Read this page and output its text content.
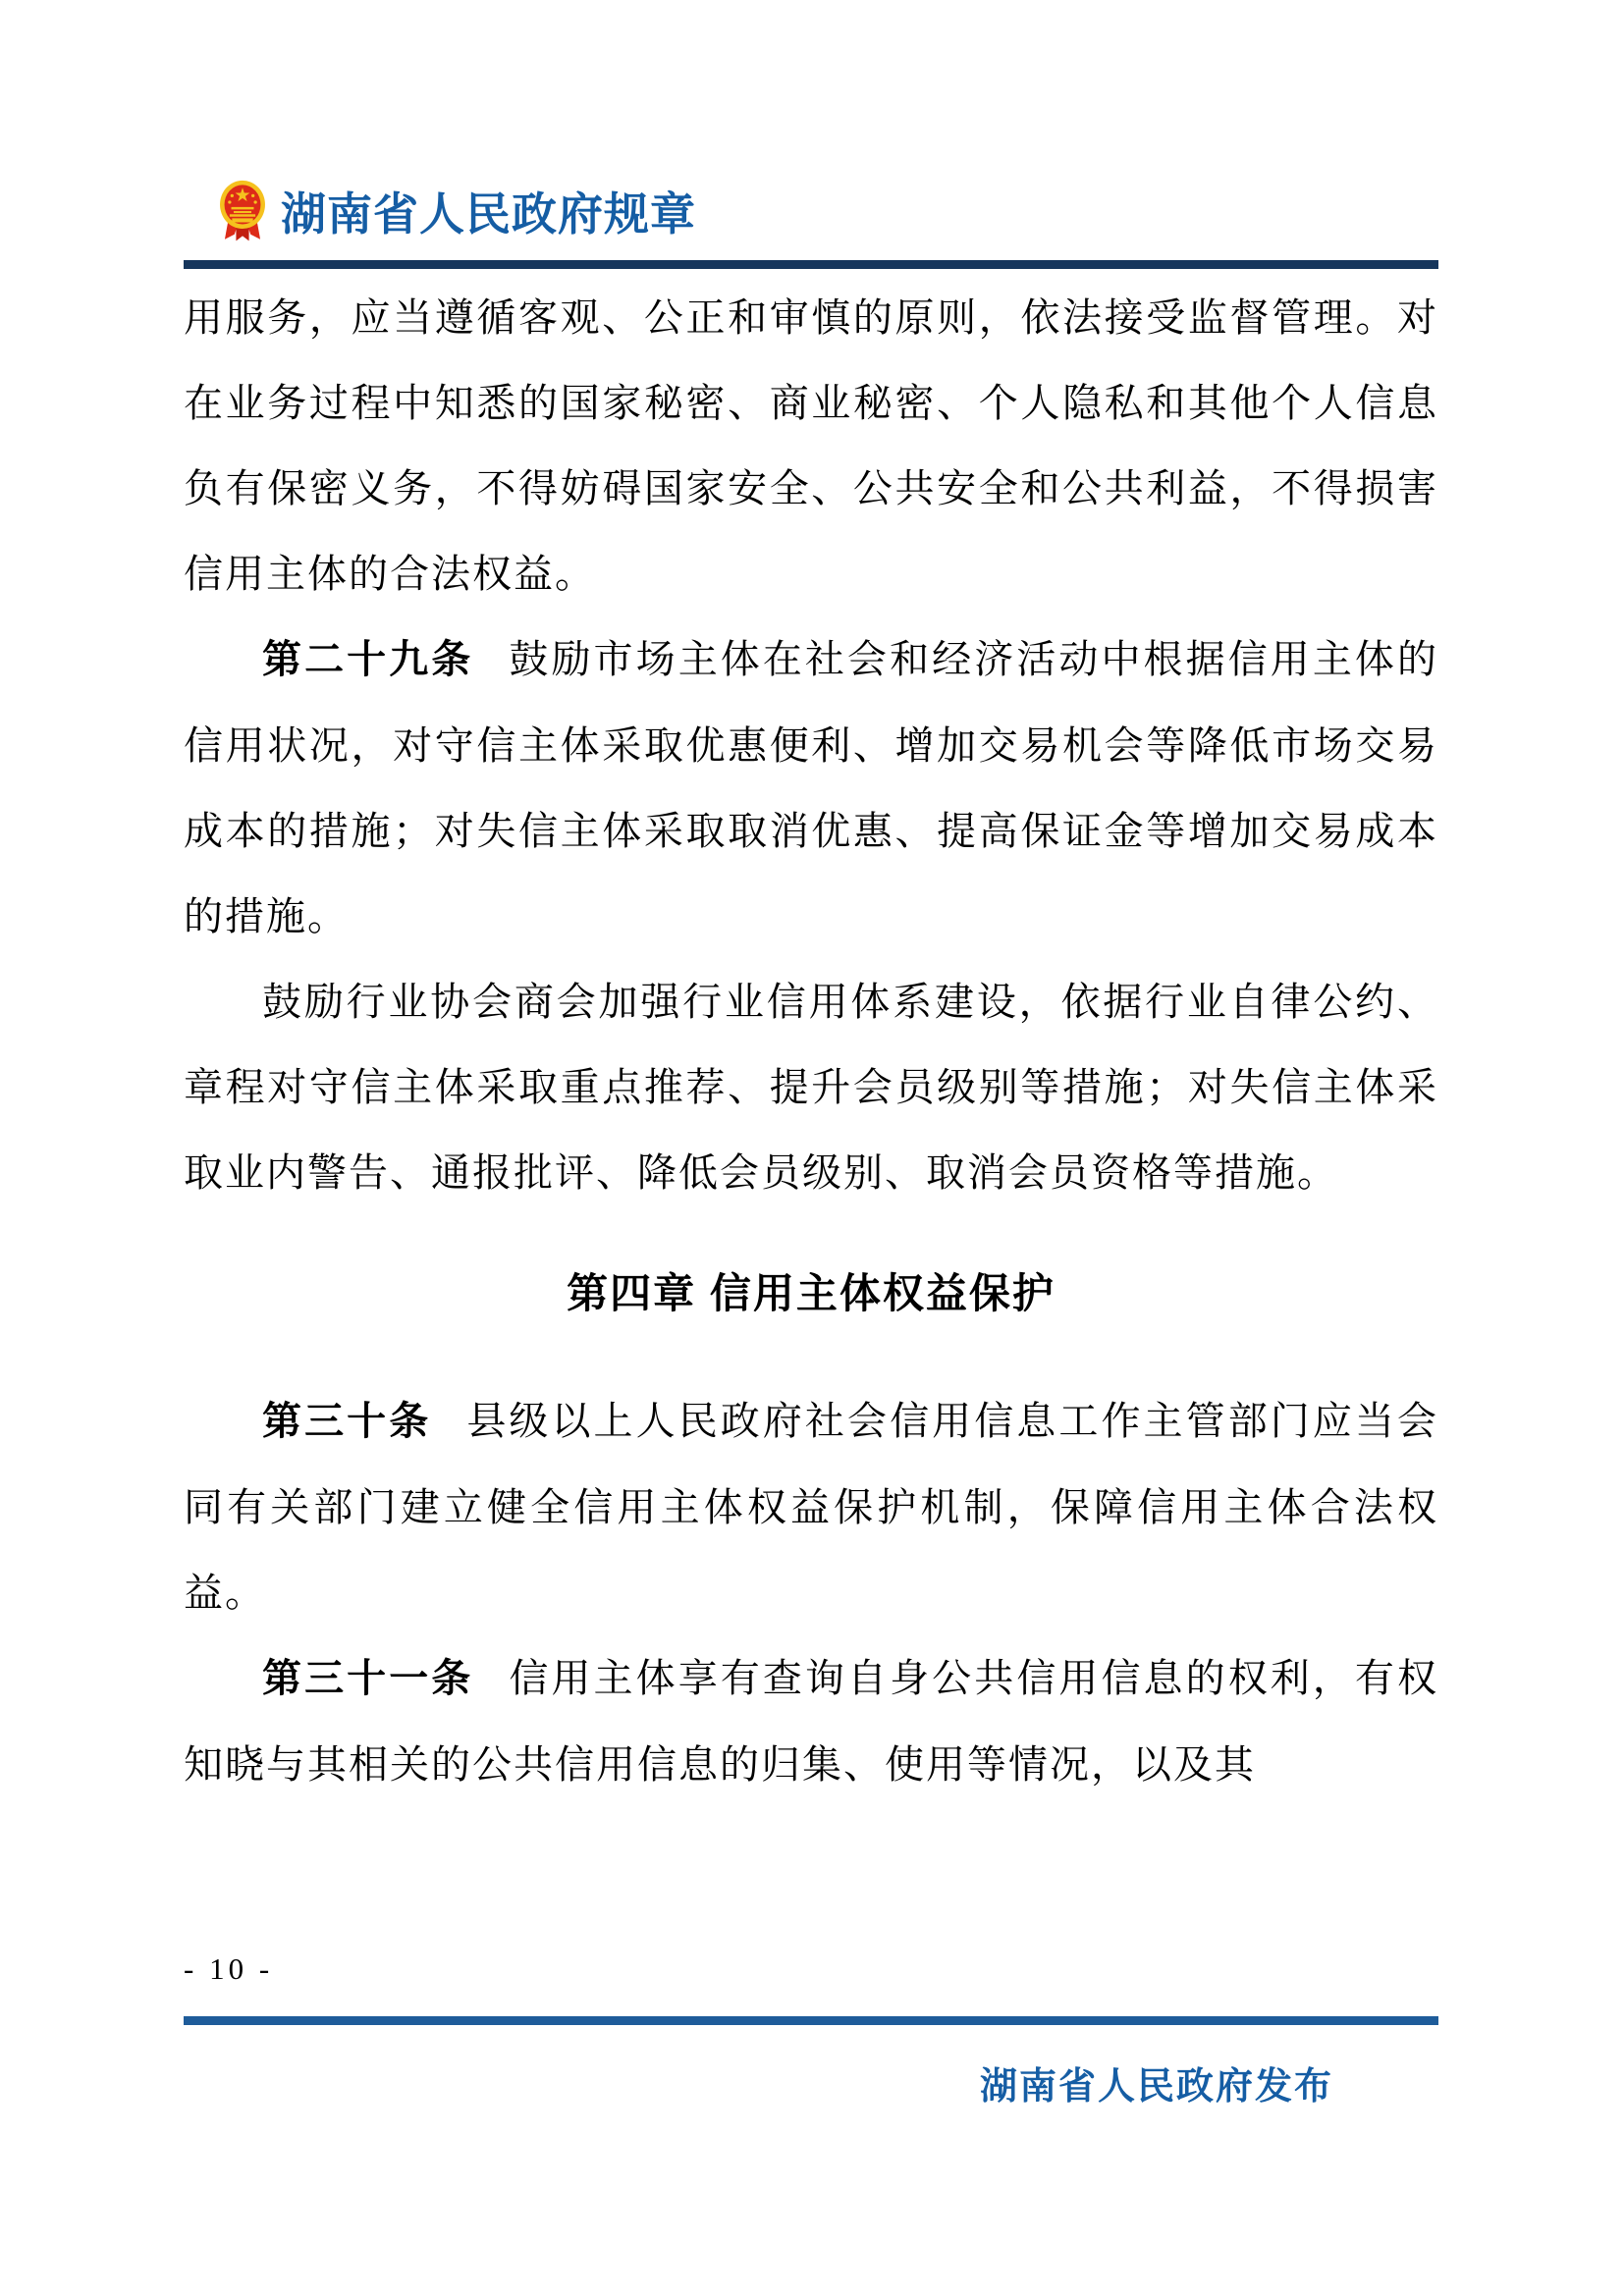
湖南省人民政府规章

用服务，应当遵循客观、公正和审慎的原则，依法接受监督管理。对在业务过程中知悉的国家秘密、商业秘密、个人隐私和其他个人信息负有保密义务，不得妨碍国家安全、公共安全和公共利益，不得损害信用主体的合法权益。

第二十九条 鼓励市场主体在社会和经济活动中根据信用主体的信用状况，对守信主体采取优惠便利、增加交易机会等降低市场交易成本的措施；对失信主体采取取消优惠、提高保证金等增加交易成本的措施。

鼓励行业协会商会加强行业信用体系建设，依据行业自律公约、章程对守信主体采取重点推荐、提升会员级别等措施；对失信主体采取业内警告、通报批评、降低会员级别、取消会员资格等措施。

第四章 信用主体权益保护

第三十条 县级以上人民政府社会信用信息工作主管部门应当会同有关部门建立健全信用主体权益保护机制，保障信用主体合法权益。

第三十一条 信用主体享有查询自身公共信用信息的权利，有权知晓与其相关的公共信用信息的归集、使用等情况，以及其

- 10 -
湖南省人民政府发布
